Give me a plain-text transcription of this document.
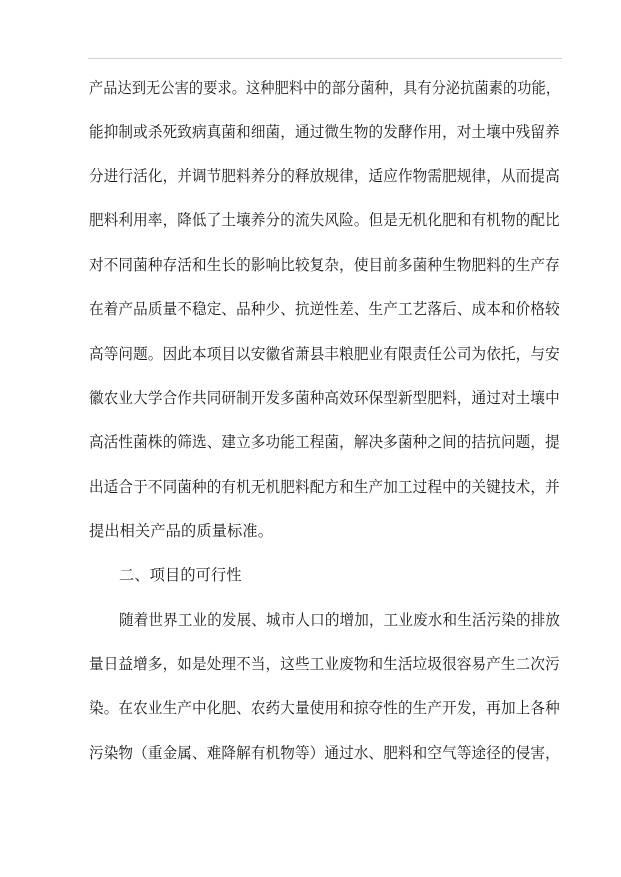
产品达到无公害的要求。这种肥料中的部分菌种，具有分泌抗菌素的功能，
能抑制或杀死致病真菌和细菌，通过微生物的发酵作用，对土壤中残留养
分进行活化，并调节肥料养分的释放规律，适应作物需肥规律，从而提高
肥料利用率，降低了土壤养分的流失风险。但是无机化肥和有机物的配比
对不同菌种存活和生长的影响比较复杂，使目前多菌种生物肥料的生产存
在着产品质量不稳定、品种少、抗逆性差、生产工艺落后、成本和价格较
高等问题。因此本项目以安徽省萧县丰粮肥业有限责任公司为依托，与安
徽农业大学合作共同研制开发多菌种高效环保型新型肥料，通过对土壤中
高活性菌株的筛选、建立多功能工程菌，解决多菌种之间的拮抗问题，提
出适合于不同菌种的有机无机肥料配方和生产加工过程中的关键技术，并
提出相关产品的质量标准。
二、项目的可行性
随着世界工业的发展、城市人口的增加，工业废水和生活污染的排放
量日益增多，如是处理不当，这些工业废物和生活垃圾很容易产生二次污
染。在农业生产中化肥、农药大量使用和掠夺性的生产开发，再加上各种
污染物（重金属、难降解有机物等）通过水、肥料和空气等途径的侵害，
